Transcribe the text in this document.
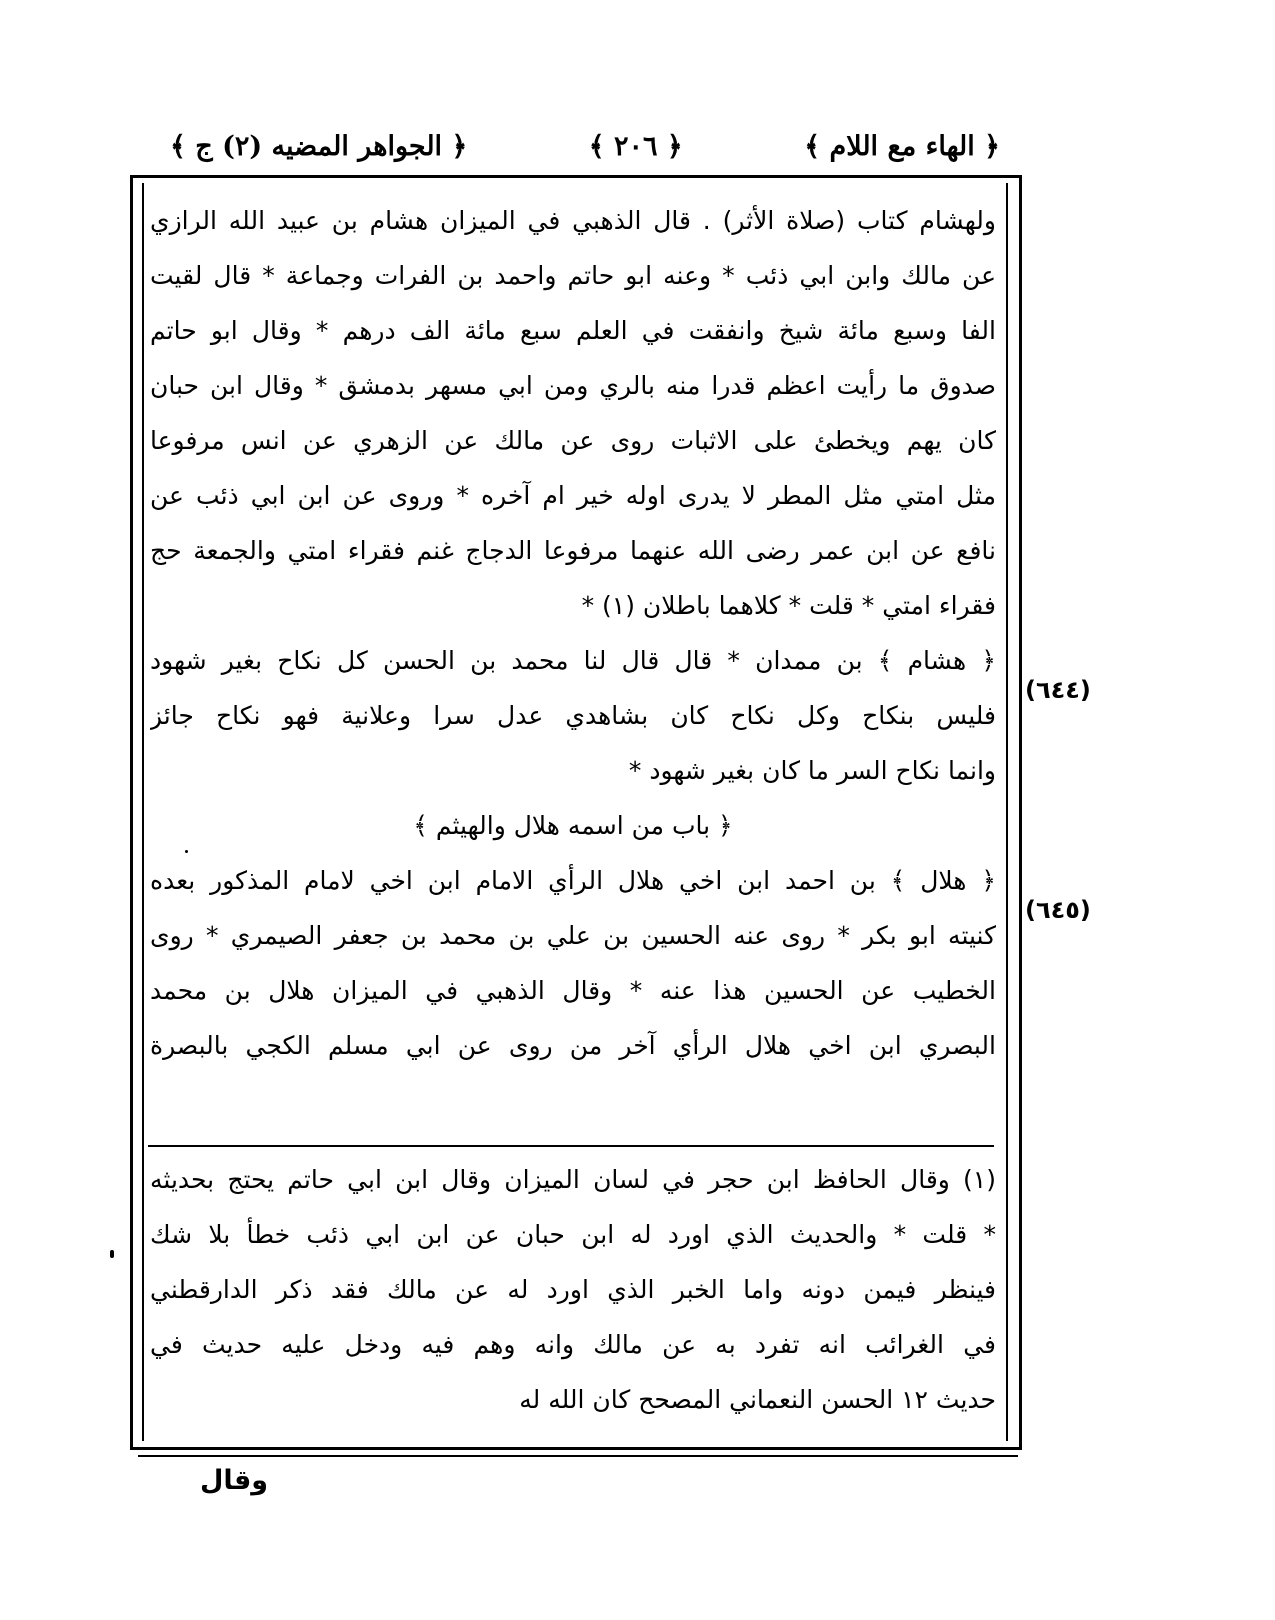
﴿ الجواهر المضيه (٢) ج ﴾	﴿ ٢٠٦ ﴾	﴿ الهاء مع اللام ﴾
ولهشام كتاب (صلاة الأثر) . قال الذهبي في الميزان هشام بن عبيد الله الرازي
عن مالك وابن ابي ذئب * وعنه ابو حاتم واحمد بن الفرات وجماعة * قال لقيت
الفا وسبع مائة شيخ وانفقت في العلم سبع مائة الف درهم * وقال ابو حاتم
صدوق ما رأيت اعظم قدرا منه بالري ومن ابي مسهر بدمشق * وقال ابن حبان
كان يهم ويخطئ على الاثبات روى عن مالك عن الزهري عن انس مرفوعا
مثل امتي مثل المطر لا يدرى اوله خير ام آخره * وروى عن ابن ابي ذئب عن
نافع عن ابن عمر رضى الله عنهما مرفوعا الدجاج غنم فقراء امتي والجمعة حج
فقراء امتي * قلت * كلاهما باطلان (١) *
﴿ هشام ﴾ بن ممدان * قال قال لنا محمد بن الحسن كل نكاح بغير شهود
فليس بنكاح وكل نكاح كان بشاهدي عدل سرا وعلانية فهو نكاح جائز
وانما نكاح السر ما كان بغير شهود *
﴿ باب من اسمه هلال والهيثم ﴾
﴿ هلال ﴾ بن احمد ابن اخي هلال الرأي الامام ابن اخي لامام المذكور بعده
كنيته ابو بكر * روى عنه الحسين بن علي بن محمد بن جعفر الصيمري * روى
الخطيب عن الحسين هذا عنه * وقال الذهبي في الميزان هلال بن محمد
البصري ابن اخي هلال الرأي آخر من روى عن ابي مسلم الكجي بالبصرة
(١) وقال الحافظ ابن حجر في لسان الميزان وقال ابن ابي حاتم يحتج بحديثه
* قلت * والحديث الذي اورد له ابن حبان عن ابن ابي ذئب خطأ بلا شك
فينظر فيمن دونه واما الخبر الذي اورد له عن مالك فقد ذكر الدارقطني
في الغرائب انه تفرد به عن مالك وانه وهم فيه ودخل عليه حديث في
حديث ١٢ الحسن النعماني المصحح كان الله له
(٦٤٤)
(٦٤٥)
وقال
